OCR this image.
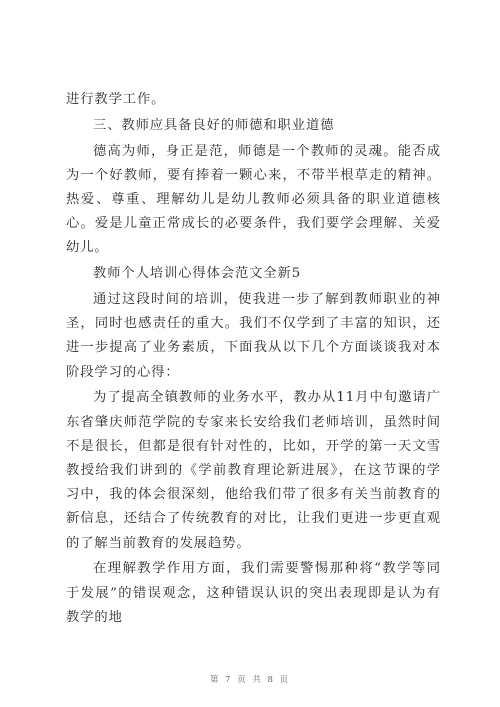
进行教学工作。

三、教师应具备良好的师德和职业道德

德高为师，身正是范，师德是一个教师的灵魂。能否成为一个好教师，要有捧着一颗心来，不带半根草走的精神。热爱、尊重、理解幼儿是幼儿教师必须具备的职业道德核心。爱是儿童正常成长的必要条件，我们要学会理解、关爱幼儿。

教师个人培训心得体会范文全新5

通过这段时间的培训，使我进一步了解到教师职业的神圣，同时也感责任的重大。我们不仅学到了丰富的知识，还进一步提高了业务素质，下面我从以下几个方面谈谈我对本阶段学习的心得：

为了提高全镇教师的业务水平，教办从11月中旬邀请广东省肇庆师范学院的专家来长安给我们老师培训，虽然时间不是很长，但都是很有针对性的，比如，开学的第一天文雪教授给我们讲到的《学前教育理论新进展》，在这节课的学习中，我的体会很深刻，他给我们带了很多有关当前教育的新信息，还结合了传统教育的对比，让我们更进一步更直观的了解当前教育的发展趋势。

在理解教学作用方面，我们需要警惕那种将“教学等同于发展”的错误观念，这种错误认识的突出表现即是认为有教学的地

第 7 页 共 8 页
